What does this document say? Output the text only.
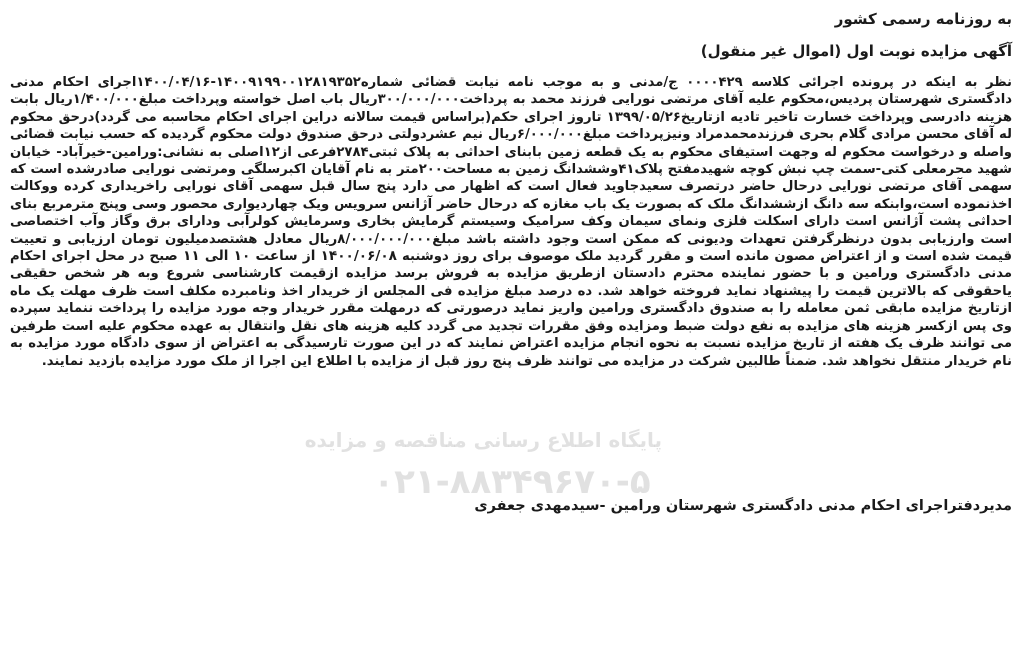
به روزنامه رسمی کشور
آگهی مزایده نوبت اول (اموال غیر منقول)
نظر به اینکه در پرونده اجرائی کلاسه ۰۰۰۰۴۲۹ ج/مدنی و به موجب نامه نیابت قضائی شماره۱۴۰۰۹۱۹۹۰۰۱۲۸۱۹۳۵۲-۱۴۰۰/۰۴/۱۶اجرای احکام مدنی دادگستری شهرستان پردیس،محکوم علیه آقای مرتضی نورایی فرزند محمد به پرداخت۳۰۰/۰۰۰/۰۰۰ریال باب اصل خواسته وپرداخت مبلغ۱/۴۰۰/۰۰۰ریال بابت هزینه دادرسی وپرداخت خسارت تاخیر تادیه ازتاریخ۱۳۹۹/۰۵/۲۶ تاروز اجرای حکم(براساس قیمت سالانه دراین اجرای احکام محاسبه می گردد)درحق محکوم له آقای محسن مرادی گلام بحری فرزندمحمدمراد ونیزپرداخت مبلغ۶/۰۰۰/۰۰۰ریال نیم عشردولتی درحق صندوق دولت محکوم گردیده که حسب نیابت قضائی واصله و درخواست محکوم له وجهت استیفای محکوم به یک قطعه زمین بابنای احداثی به پلاک ثبتی۲۷۸۴فرعی از۱۲اصلی به نشانی:ورامین-خیرآباد- خیابان شهید محرمعلی کتی-سمت چپ نبش کوچه شهیدمفتح پلاک۴۱وششدانگ زمین به مساحت۲۰۰متر به نام آقایان اکبرسلگی ومرتضی نورایی صادرشده است که سهمی آقای مرتضی نورایی درحال حاضر درتصرف سعیدجاوید فعال است که اظهار می دارد پنج سال قبل سهمی آقای نورایی راخریداری کرده ووکالت اخذنموده است،وابنکه سه دانگ ازششدانگ ملک که بصورت یک باب مغازه که درحال حاضر آژانس سرویس ویک چهاردیواری محصور وسی وپنج مترمربع بنای احداثی پشت آژانس است دارای اسکلت فلزی ونمای سیمان وکف سرامیک وسیستم گرمایش بخاری وسرمایش کولرآبی ودارای برق وگاز وآب اختصاصی است وارزیابی بدون درنظرگرفتن تعهدات ودیونی که ممکن است وجود داشته باشد مبلغ۸/۰۰۰/۰۰۰/۰۰۰ریال معادل هشتصدمیلیون تومان ارزیابی و تعییت قیمت شده است و از اعتراض مصون مانده است و مقرر گردید ملک موصوف برای روز دوشنبه ۱۴۰۰/۰۶/۰۸ از ساعت ۱۰ الی ۱۱ صبح در محل اجرای احکام مدنی دادگستری ورامین و با حضور نماینده محترم دادستان ازطریق مزایده به فروش برسد مزایده ازقیمت کارشناسی شروع وبه هر شخص حقیقی یاحقوقی که بالاترین قیمت را پیشنهاد نماید فروخته خواهد شد. ده درصد مبلغ مزایده فی المجلس از خریدار اخذ ونامبرده مکلف است ظرف مهلت یک ماه ازتاریخ مزایده مابقی ثمن معامله را به صندوق دادگستری ورامین واریز نماید درصورتی که درمهلت مقرر خریدار وجه مورد مزایده را پرداخت ننماید سپرده وی پس ازکسر هزینه های مزایده به نفع دولت ضبط ومزایده وفق مقررات تجدید می گردد کلیه هزینه های نقل وانتقال به عهده محکوم علیه است طرفین می توانند ظرف یک هفته از تاریخ مزایده نسبت به نحوه انجام مزایده اعتراض نمایند که در این صورت تارسیدگی به اعتراض از سوی دادگاه مورد مزایده به نام خریدار منتقل نخواهد شد. ضمناً طالبین شرکت در مزایده می توانند ظرف پنج روز قبل از مزایده با اطلاع این اجرا از ملک مورد مزایده بازدید نمایند.
پایگاه اطلاع رسانی مناقصه و مزایده
۰۲۱-۸۸۳۴۹۶۷۰-۵
مدیردفتراجرای احکام مدنی دادگستری شهرستان ورامین -سیدمهدی جعفری
